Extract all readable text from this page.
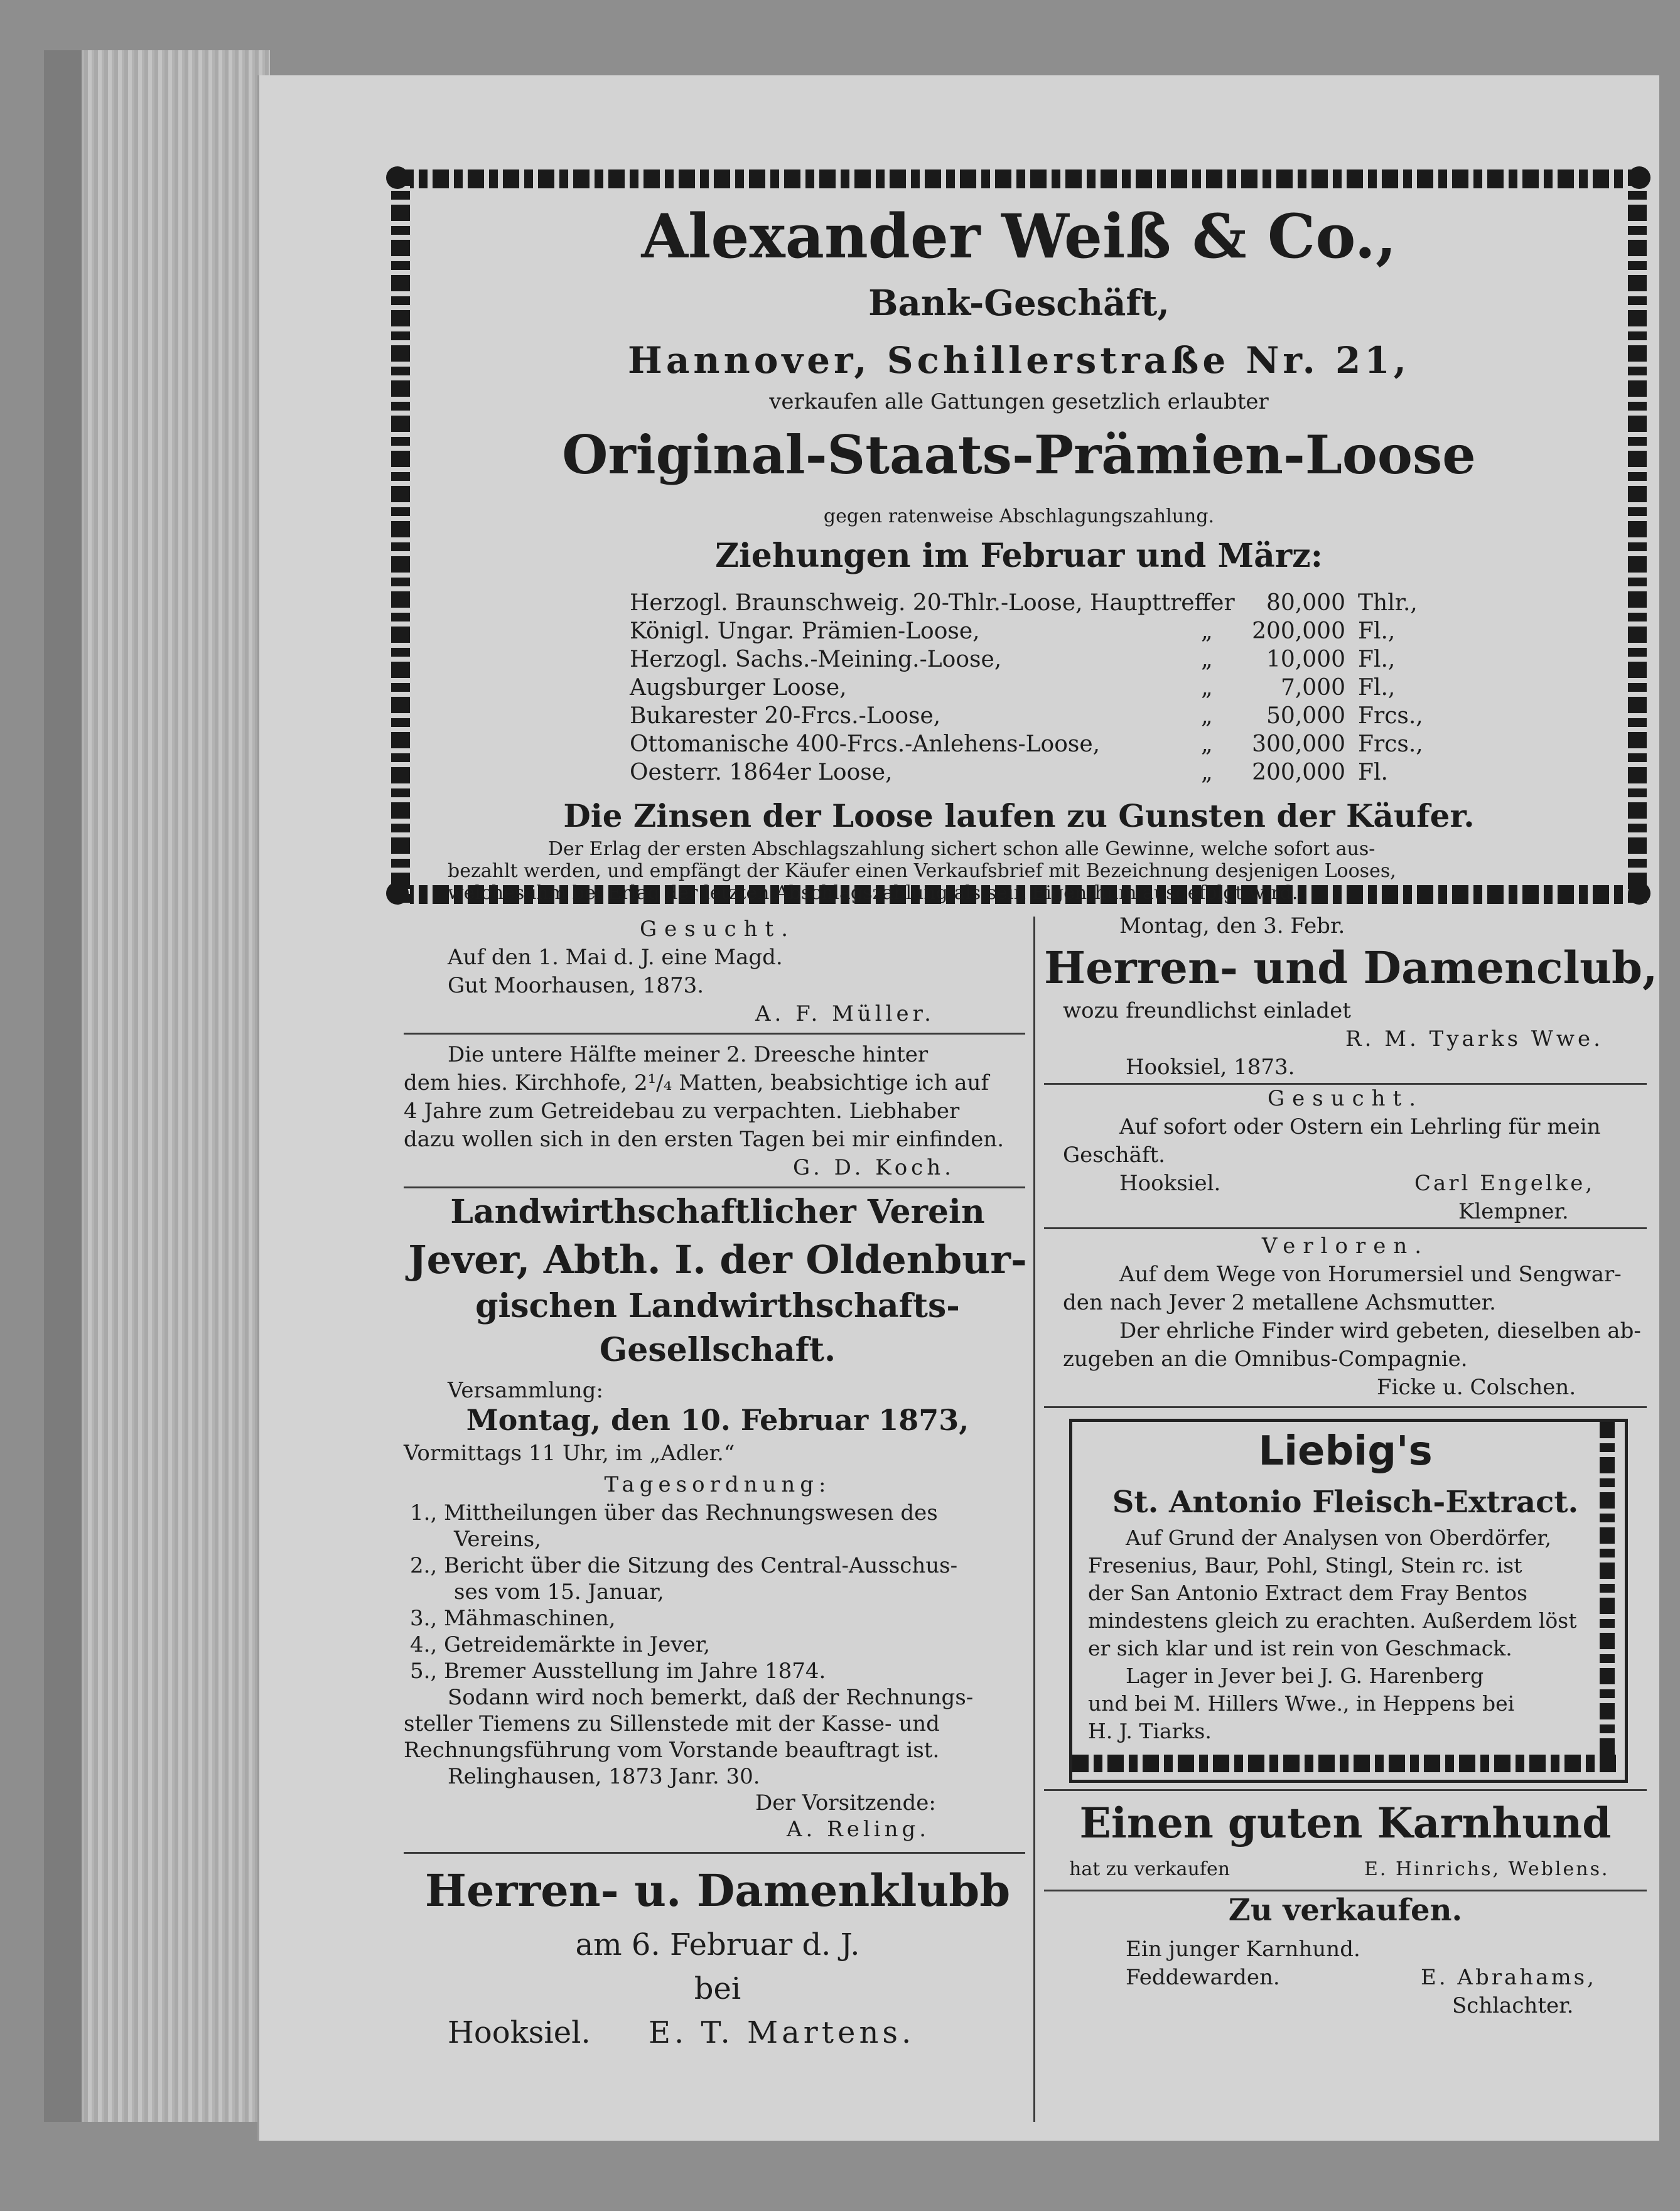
Alexander Weiß & Co.,
Bank-Geschäft,
Hannover, Schillerstraße Nr. 21,
verkaufen alle Gattungen gesetzlich erlaubter
Original-Staats-Prämien-Loose
gegen ratenweise Abschlagungszahlung.
Ziehungen im Februar und März:
Herzogl. Braunschweig. 20-Thlr.-Loose, Haupttreffer	80,000 Thlr.,
Königl. Ungar. Prämien-Loose,	„	200,000 Fl.,
Herzogl. Sachs.-Meining.-Loose,	„	10,000 Fl.,
Augsburger Loose,	„	7,000 Fl.,
Bukarester 20-Frcs.-Loose,	„	50,000 Frcs.,
Ottomanische 400-Frcs.-Anlehens-Loose,	„	300,000 Frcs.,
Oesterr. 1864er Loose,	„	200,000 Fl.
Die Zinsen der Loose laufen zu Gunsten der Käufer.
Der Erlag der ersten Abschlagszahlung sichert schon alle Gewinne, welche sofort aus-
bezahlt werden, und empfängt der Käufer einen Verkaufsbrief mit Bezeichnung desjenigen Looses,
welches ihm bei Erlag der letzten Abschlagszahlung als sein Eigenthum ausgefolgt wird.
Gesucht.
Auf den 1. Mai d. J. eine Magd.
Gut Moorhausen, 1873.
A. F. Müller.
Die untere Hälfte meiner 2. Dreesche hinter
dem hies. Kirchhofe, 2¹/₄ Matten, beabsichtige ich auf
4 Jahre zum Getreidebau zu verpachten. Liebhaber
dazu wollen sich in den ersten Tagen bei mir einfinden.
G. D. Koch.
Landwirthschaftlicher Verein
Jever, Abth. I. der Oldenbur-
gischen Landwirthschafts-
Gesellschaft.
Versammlung:
Montag, den 10. Februar 1873,
Vormittags 11 Uhr, im „Adler.“
Tagesordnung:
1., Mittheilungen über das Rechnungswesen des
Vereins,
2., Bericht über die Sitzung des Central-Ausschus-
ses vom 15. Januar,
3., Mähmaschinen,
4., Getreidemärkte in Jever,
5., Bremer Ausstellung im Jahre 1874.
Sodann wird noch bemerkt, daß der Rechnungs-
steller Tiemens zu Sillenstede mit der Kasse- und
Rechnungsführung vom Vorstande beauftragt ist.
Relinghausen, 1873 Janr. 30.
Der Vorsitzende:
A. Reling.
Herren- u. Damenklubb
am 6. Februar d. J.
bei
Hooksiel. E. T. Martens.
Montag, den 3. Febr.
Herren- und Damenclub,
wozu freundlichst einladet
R. M. Tyarks Wwe.
Hooksiel, 1873.
Gesucht.
Auf sofort oder Ostern ein Lehrling für mein
Geschäft.
Hooksiel.	Carl Engelke,
Klempner.
Verloren.
Auf dem Wege von Horumersiel und Sengwar-
den nach Jever 2 metallene Achsmutter.
Der ehrliche Finder wird gebeten, dieselben ab-
zugeben an die Omnibus-Compagnie.
Ficke u. Colschen.
Liebig's
St. Antonio Fleisch-Extract.
Auf Grund der Analysen von Oberdörfer,
Fresenius, Baur, Pohl, Stingl, Stein rc. ist
der San Antonio Extract dem Fray Bentos
mindestens gleich zu erachten. Außerdem löst
er sich klar und ist rein von Geschmack.
Lager in Jever bei J. G. Harenberg
und bei M. Hillers Wwe., in Heppens bei
H. J. Tiarks.
Einen guten Karnhund
hat zu verkaufen	E. Hinrichs, Weblens.
Zu verkaufen.
Ein junger Karnhund.
Feddewarden.	E. Abrahams,
Schlachter.
